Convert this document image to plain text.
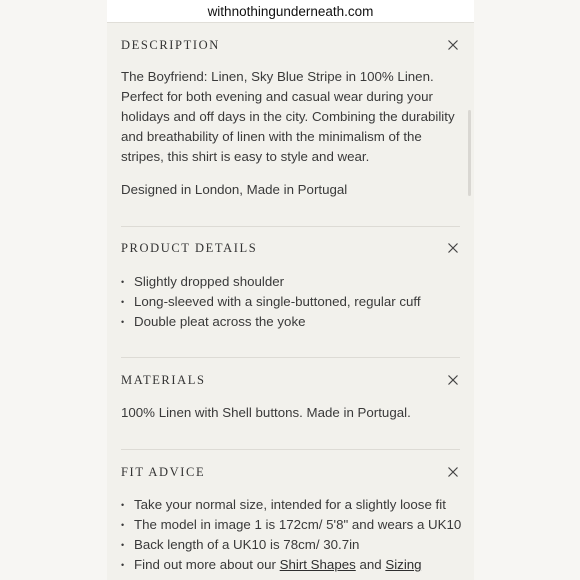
withnothingunderneath.com
DESCRIPTION

The Boyfriend: Linen, Sky Blue Stripe in 100% Linen. Perfect for both evening and casual wear during your holidays and off days in the city. Combining the durability and breathability of linen with the minimalism of the stripes, this shirt is easy to style and wear.

Designed in London, Made in Portugal

PRODUCT DETAILS
• Slightly dropped shoulder
• Long-sleeved with a single-buttoned, regular cuff
• Double pleat across the yoke
MATERIALS

100% Linen with Shell buttons. Made in Portugal.

FIT ADVICE
• Take your normal size, intended for a slightly loose fit
• The model in image 1 is 172cm/ 5'8" and wears a UK10
• Back length of a UK10 is 78cm/ 30.7in
• Find out more about our Shirt Shapes and Sizing
